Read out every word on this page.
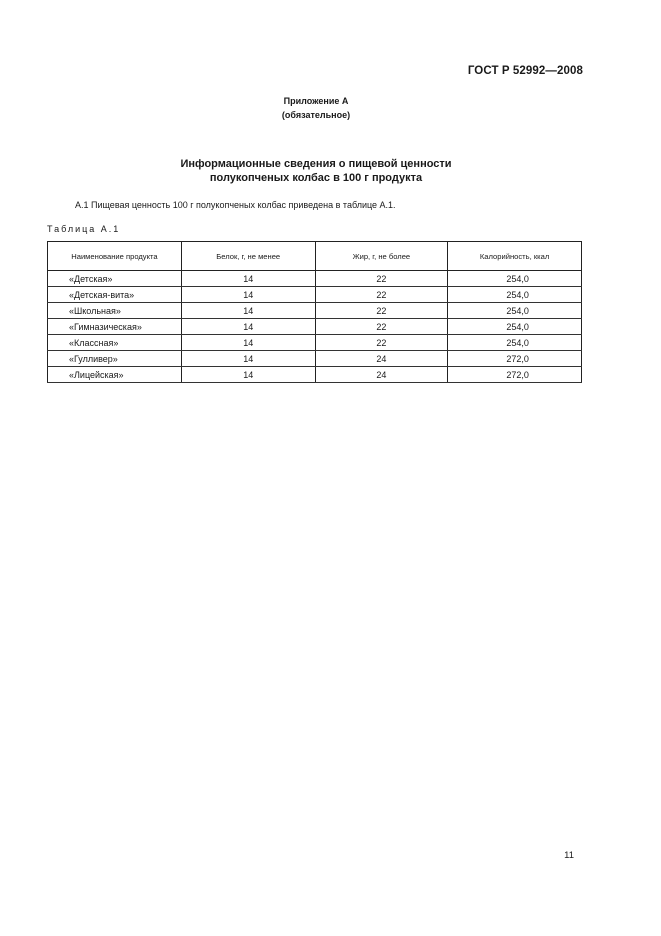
ГОСТ Р 52992—2008
Приложение А
(обязательное)
Информационные сведения о пищевой ценности
полукопченых колбас в 100 г продукта
А.1 Пищевая ценность 100 г полукопченых колбас приведена в таблице А.1.
Таблица А.1
Наименование продукта	Белок, г, не менее	Жир, г, не более	Калорийность, ккал
«Детская»	14	22	254,0
«Детская-вита»	14	22	254,0
«Школьная»	14	22	254,0
«Гимназическая»	14	22	254,0
«Классная»	14	22	254,0
«Гулливер»	14	24	272,0
«Лицейская»	14	24	272,0
11
